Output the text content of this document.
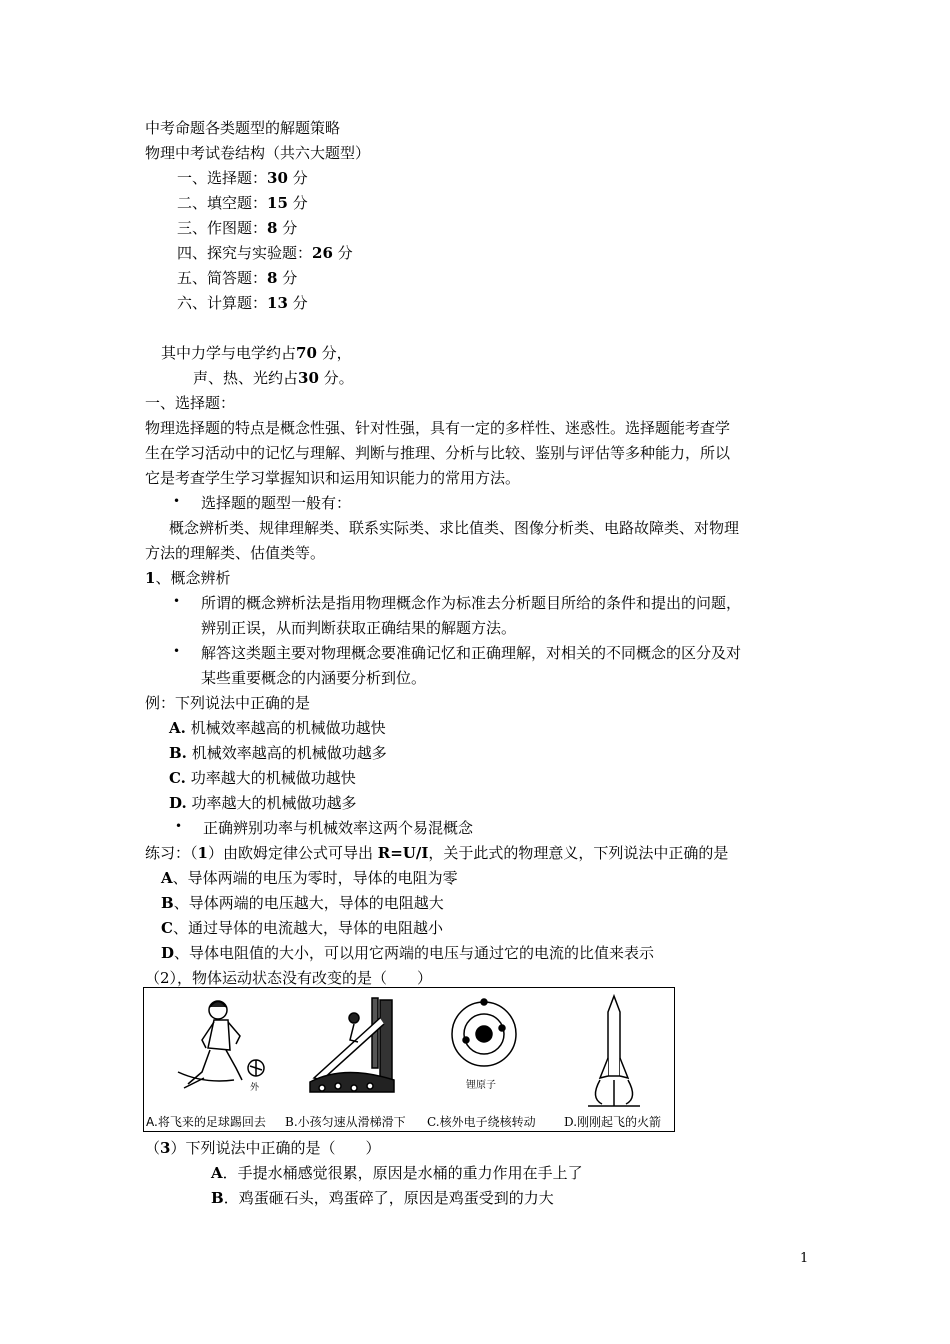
中考命题各类题型的解题策略
物理中考试卷结构（共六大题型）
一、选择题：30 分
二、填空题：15 分
三、作图题：8 分
四、探究与实验题：26 分
五、简答题：8 分
六、计算题：13 分
其中力学与电学约占70 分，
声、热、光约占30 分。
一、选择题：
物理选择题的特点是概念性强、针对性强，具有一定的多样性、迷惑性。选择题能考查学
生在学习活动中的记忆与理解、判断与推理、分析与比较、鉴别与评估等多种能力，所以
它是考查学生学习掌握知识和运用知识能力的常用方法。
• 选择题的题型一般有：
概念辨析类、规律理解类、联系实际类、求比值类、图像分析类、电路故障类、对物理
方法的理解类、估值类等。
1、概念辨析
• 所谓的概念辨析法是指用物理概念作为标准去分析题目所给的条件和提出的问题，
辨别正误，从而判断获取正确结果的解题方法。
• 解答这类题主要对物理概念要准确记忆和正确理解，对相关的不同概念的区分及对
某些重要概念的内涵要分析到位。
例：下列说法中正确的是
A. 机械效率越高的机械做功越快
B. 机械效率越高的机械做功越多
C. 功率越大的机械做功越快
D. 功率越大的机械做功越多
• 正确辨别功率与机械效率这两个易混概念
练习：（1）由欧姆定律公式可导出 R=U/I，关于此式的物理意义，下列说法中正确的是
A、导体两端的电压为零时，导体的电阻为零
B、导体两端的电压越大，导体的电阻越大
C、通过导体的电流越大，导体的电阻越小
D、导体电阻值的大小，可以用它两端的电压与通过它的电流的比值来表示
（2），物体运动状态没有改变的是（　　）
外	锂原子
A.将飞来的足球踢回去 B.小孩匀速从滑梯滑下 C.核外电子绕核转动 D.刚刚起飞的火箭
（3）下列说法中正确的是（　　）
A．手提水桶感觉很累，原因是水桶的重力作用在手上了
B．鸡蛋砸石头，鸡蛋碎了，原因是鸡蛋受到的力大
1
